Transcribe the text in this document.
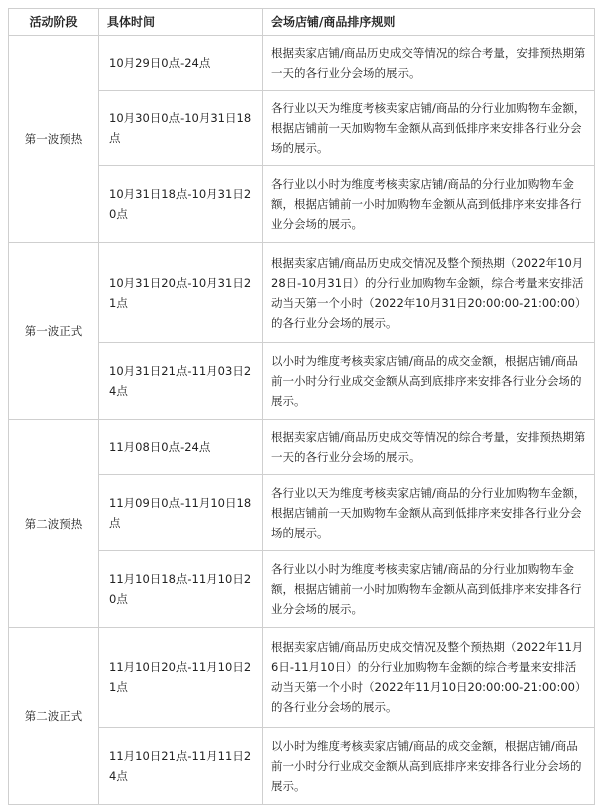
活动阶段	具体时间	会场店铺/商品排序规则
第一波预热	10月29日0点-24点	根据卖家店铺/商品历史成交等情况的综合考量，安排预热期第一天的各行业分会场的展示。
	10月30日0点-10月31日18点	各行业以天为维度考核卖家店铺/商品的分行业加购物车金额，根据店铺前一天加购物车金额从高到低排序来安排各行业分会场的展示。
	10月31日18点-10月31日20点	各行业以小时为维度考核卖家店铺/商品的分行业加购物车金额，根据店铺前一小时加购物车金额从高到低排序来安排各行业分会场的展示。
第一波正式	10月31日20点-10月31日21点	根据卖家店铺/商品历史成交情况及整个预热期（2022年10月28日-10月31日）的分行业加购物车金额，综合考量来安排活动当天第一个小时（2022年10月31日20:00:00-21:00:00）的各行业分会场的展示。
	10月31日21点-11月03日24点	以小时为维度考核卖家店铺/商品的成交金额，根据店铺/商品前一小时分行业成交金额从高到底排序来安排各行业分会场的展示。
第二波预热	11月08日0点-24点	根据卖家店铺/商品历史成交等情况的综合考量，安排预热期第一天的各行业分会场的展示。
	11月09日0点-11月10日18点	各行业以天为维度考核卖家店铺/商品的分行业加购物车金额，根据店铺前一天加购物车金额从高到低排序来安排各行业分会场的展示。
	11月10日18点-11月10日20点	各行业以小时为维度考核卖家店铺/商品的分行业加购物车金额，根据店铺前一小时加购物车金额从高到低排序来安排各行业分会场的展示。
第二波正式	11月10日20点-11月10日21点	根据卖家店铺/商品历史成交情况及整个预热期（2022年11月6日-11月10日）的分行业加购物车金额的综合考量来安排活动当天第一个小时（2022年11月10日20:00:00-21:00:00）的各行业分会场的展示。
	11月10日21点-11月11日24点	以小时为维度考核卖家店铺/商品的成交金额，根据店铺/商品前一小时分行业成交金额从高到底排序来安排各行业分会场的展示。
